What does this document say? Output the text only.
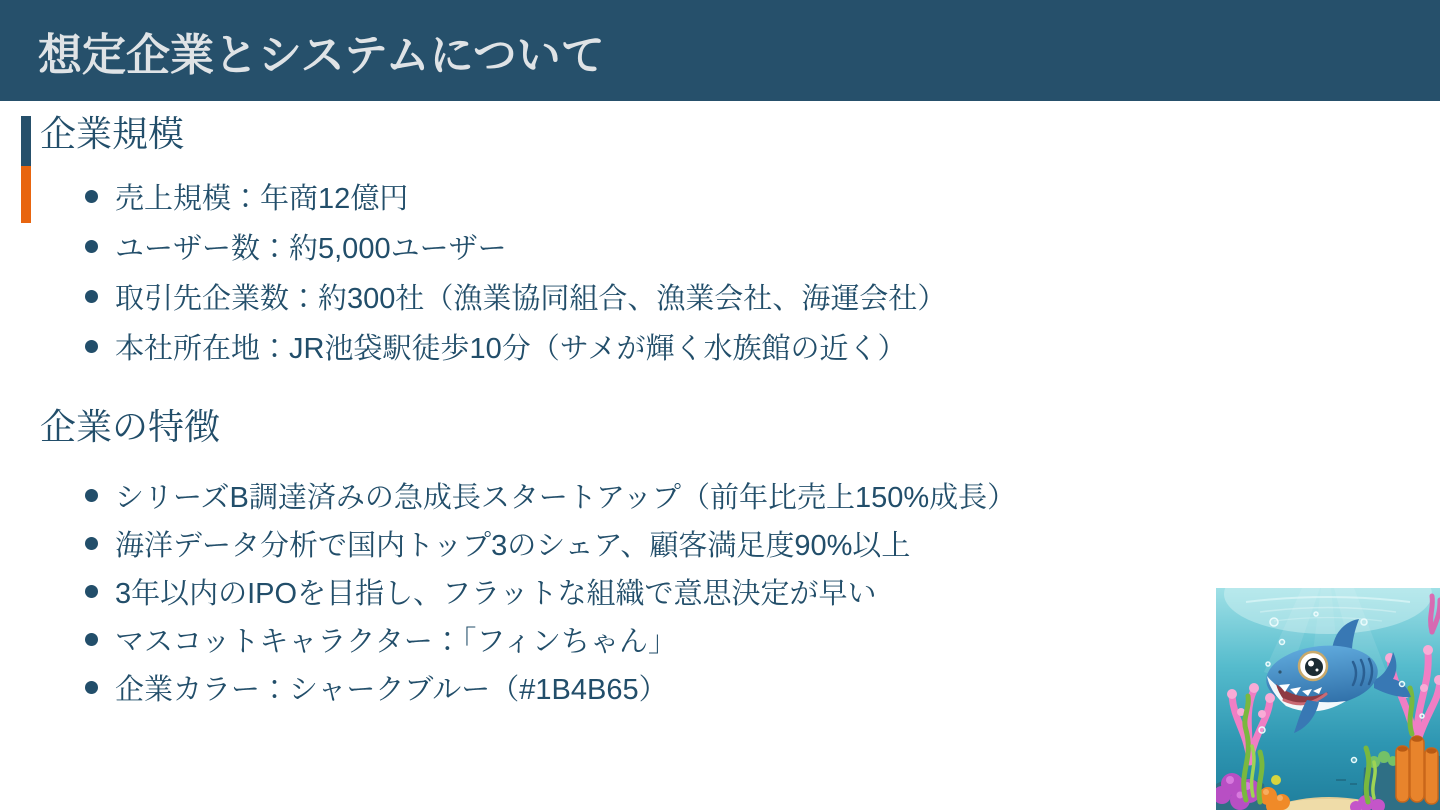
想定企業とシステムについて
企業規模
売上規模：年商12億円
ユーザー数：約5,000ユーザー
取引先企業数：約300社（漁業協同組合、漁業会社、海運会社）
本社所在地：JR池袋駅徒歩10分（サメが輝く水族館の近く）
企業の特徴
シリーズB調達済みの急成長スタートアップ（前年比売上150%成長）
海洋データ分析で国内トップ3のシェア、顧客満足度90%以上
3年以内のIPOを目指し、フラットな組織で意思決定が早い
マスコットキャラクター：「フィンちゃん」
企業カラー：シャークブルー（#1B4B65）
